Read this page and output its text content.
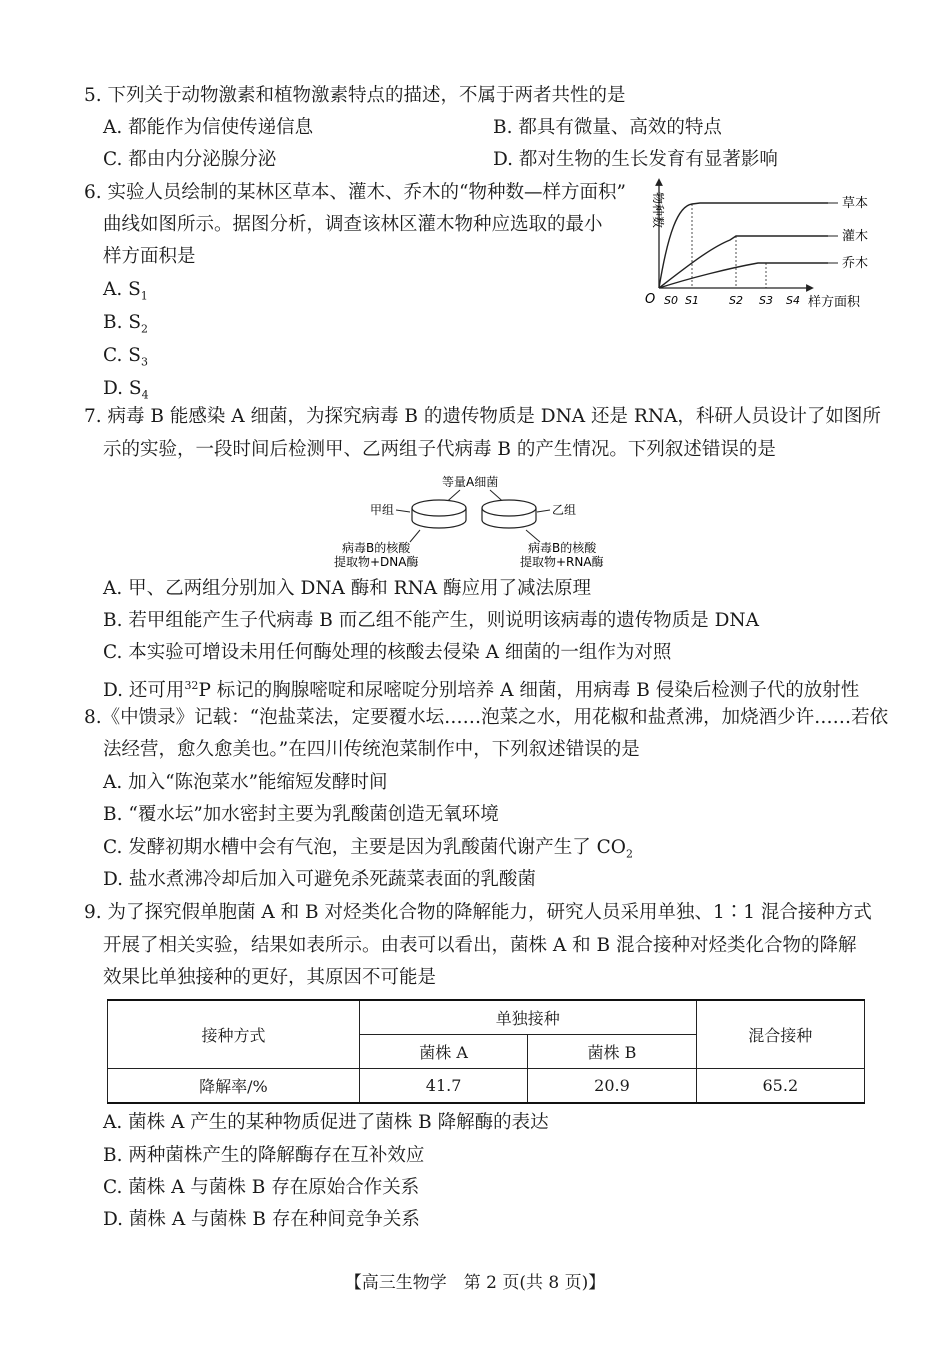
5. 下列关于动物激素和植物激素特点的描述，不属于两者共性的是
A. 都能作为信使传递信息	B. 都具有微量、高效的特点
C. 都由内分泌腺分泌	D. 都对生物的生长发育有显著影响
6. 实验人员绘制的某林区草本、灌木、乔木的“物种数—样方面积”
曲线如图所示。据图分析，调查该林区灌木物种应选取的最小
样方面积是
A. $S_1$
B. $S_2$
C. $S_3$
D. $S_4$
物种数
O
草本
灌木
乔木
S0 S1	S2 S3 S4 样方面积
7. 病毒 B 能感染 A 细菌，为探究病毒 B 的遗传物质是 DNA 还是 RNA，科研人员设计了如图所
示的实验，一段时间后检测甲、乙两组子代病毒 B 的产生情况。下列叙述错误的是
等量A细菌
甲组	乙组
病毒B的核酸
提取物+DNA酶
病毒B的核酸
提取物+RNA酶
A. 甲、乙两组分别加入 DNA 酶和 RNA 酶应用了减法原理
B. 若甲组能产生子代病毒 B 而乙组不能产生，则说明该病毒的遗传物质是 DNA
C. 本实验可增设未用任何酶处理的核酸去侵染 A 细菌的一组作为对照
D. 还可用$^{32}$P 标记的胸腺嘧啶和尿嘧啶分别培养 A 细菌，用病毒 B 侵染后检测子代的放射性
8.《中馈录》记载：“泡盐菜法，定要覆水坛……泡菜之水，用花椒和盐煮沸，加烧酒少许……若依
法经营，愈久愈美也。”在四川传统泡菜制作中，下列叙述错误的是
A. 加入“陈泡菜水”能缩短发酵时间
B. “覆水坛”加水密封主要为乳酸菌创造无氧环境
C. 发酵初期水槽中会有气泡，主要是因为乳酸菌代谢产生了 $CO_2$
D. 盐水煮沸冷却后加入可避免杀死蔬菜表面的乳酸菌
9. 为了探究假单胞菌 A 和 B 对烃类化合物的降解能力，研究人员采用单独、1∶1 混合接种方式
开展了相关实验，结果如表所示。由表可以看出，菌株 A 和 B 混合接种对烃类化合物的降解
效果比单独接种的更好，其原因不可能是
接种方式	单独接种		混合接种
	菌株 A	菌株 B	
降解率/%	41.7	20.9	65.2
A. 菌株 A 产生的某种物质促进了菌株 B 降解酶的表达
B. 两种菌株产生的降解酶存在互补效应
C. 菌株 A 与菌株 B 存在原始合作关系
D. 菌株 A 与菌株 B 存在种间竞争关系
【高三生物学　第 2 页(共 8 页)】
